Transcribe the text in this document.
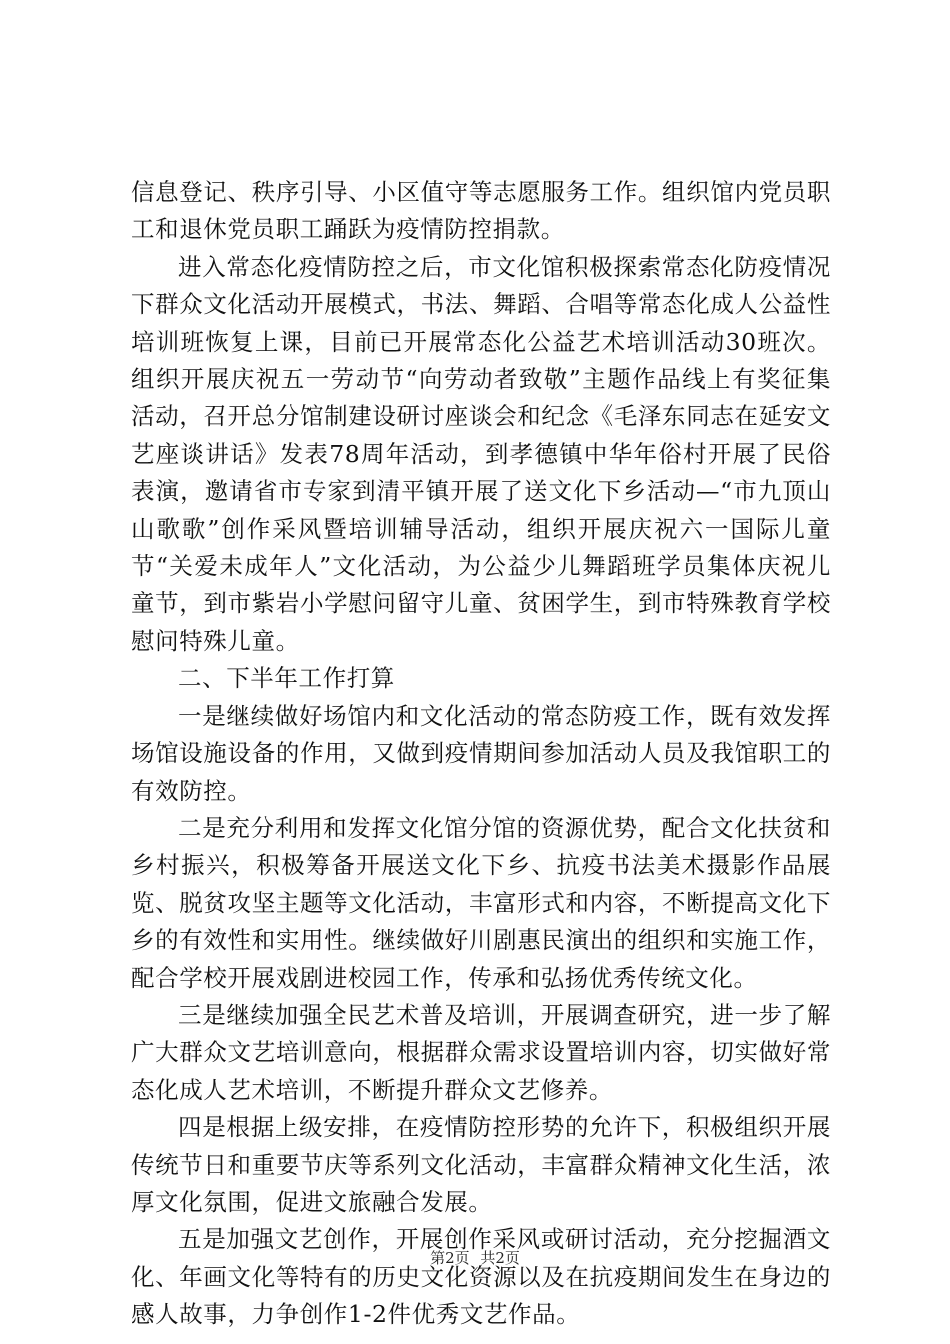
信息登记、秩序引导、小区值守等志愿服务工作。组织馆内党员职工和退休党员职工踊跃为疫情防控捐款。

进入常态化疫情防控之后，市文化馆积极探索常态化防疫情况下群众文化活动开展模式，书法、舞蹈、合唱等常态化成人公益性培训班恢复上课，目前已开展常态化公益艺术培训活动30班次。组织开展庆祝五一劳动节“向劳动者致敬”主题作品线上有奖征集活动，召开总分馆制建设研讨座谈会和纪念《毛泽东同志在延安文艺座谈讲话》发表78周年活动，到孝德镇中华年俗村开展了民俗表演，邀请省市专家到清平镇开展了送文化下乡活动—“市九顶山山歌歌”创作采风暨培训辅导活动，组织开展庆祝六一国际儿童节“关爱未成年人”文化活动，为公益少儿舞蹈班学员集体庆祝儿童节，到市紫岩小学慰问留守儿童、贫困学生，到市特殊教育学校慰问特殊儿童。

二、下半年工作打算

一是继续做好场馆内和文化活动的常态防疫工作，既有效发挥场馆设施设备的作用，又做到疫情期间参加活动人员及我馆职工的有效防控。

二是充分利用和发挥文化馆分馆的资源优势，配合文化扶贫和乡村振兴，积极筹备开展送文化下乡、抗疫书法美术摄影作品展览、脱贫攻坚主题等文化活动，丰富形式和内容，不断提高文化下乡的有效性和实用性。继续做好川剧惠民演出的组织和实施工作，配合学校开展戏剧进校园工作，传承和弘扬优秀传统文化。

三是继续加强全民艺术普及培训，开展调查研究，进一步了解广大群众文艺培训意向，根据群众需求设置培训内容，切实做好常态化成人艺术培训，不断提升群众文艺修养。

四是根据上级安排，在疫情防控形势的允许下，积极组织开展传统节日和重要节庆等系列文化活动，丰富群众精神文化生活，浓厚文化氛围，促进文旅融合发展。

五是加强文艺创作，开展创作采风或研讨活动，充分挖掘酒文化、年画文化等特有的历史文化资源以及在抗疫期间发生在身边的感人故事，力争创作1-2件优秀文艺作品。

第2页 共2页
